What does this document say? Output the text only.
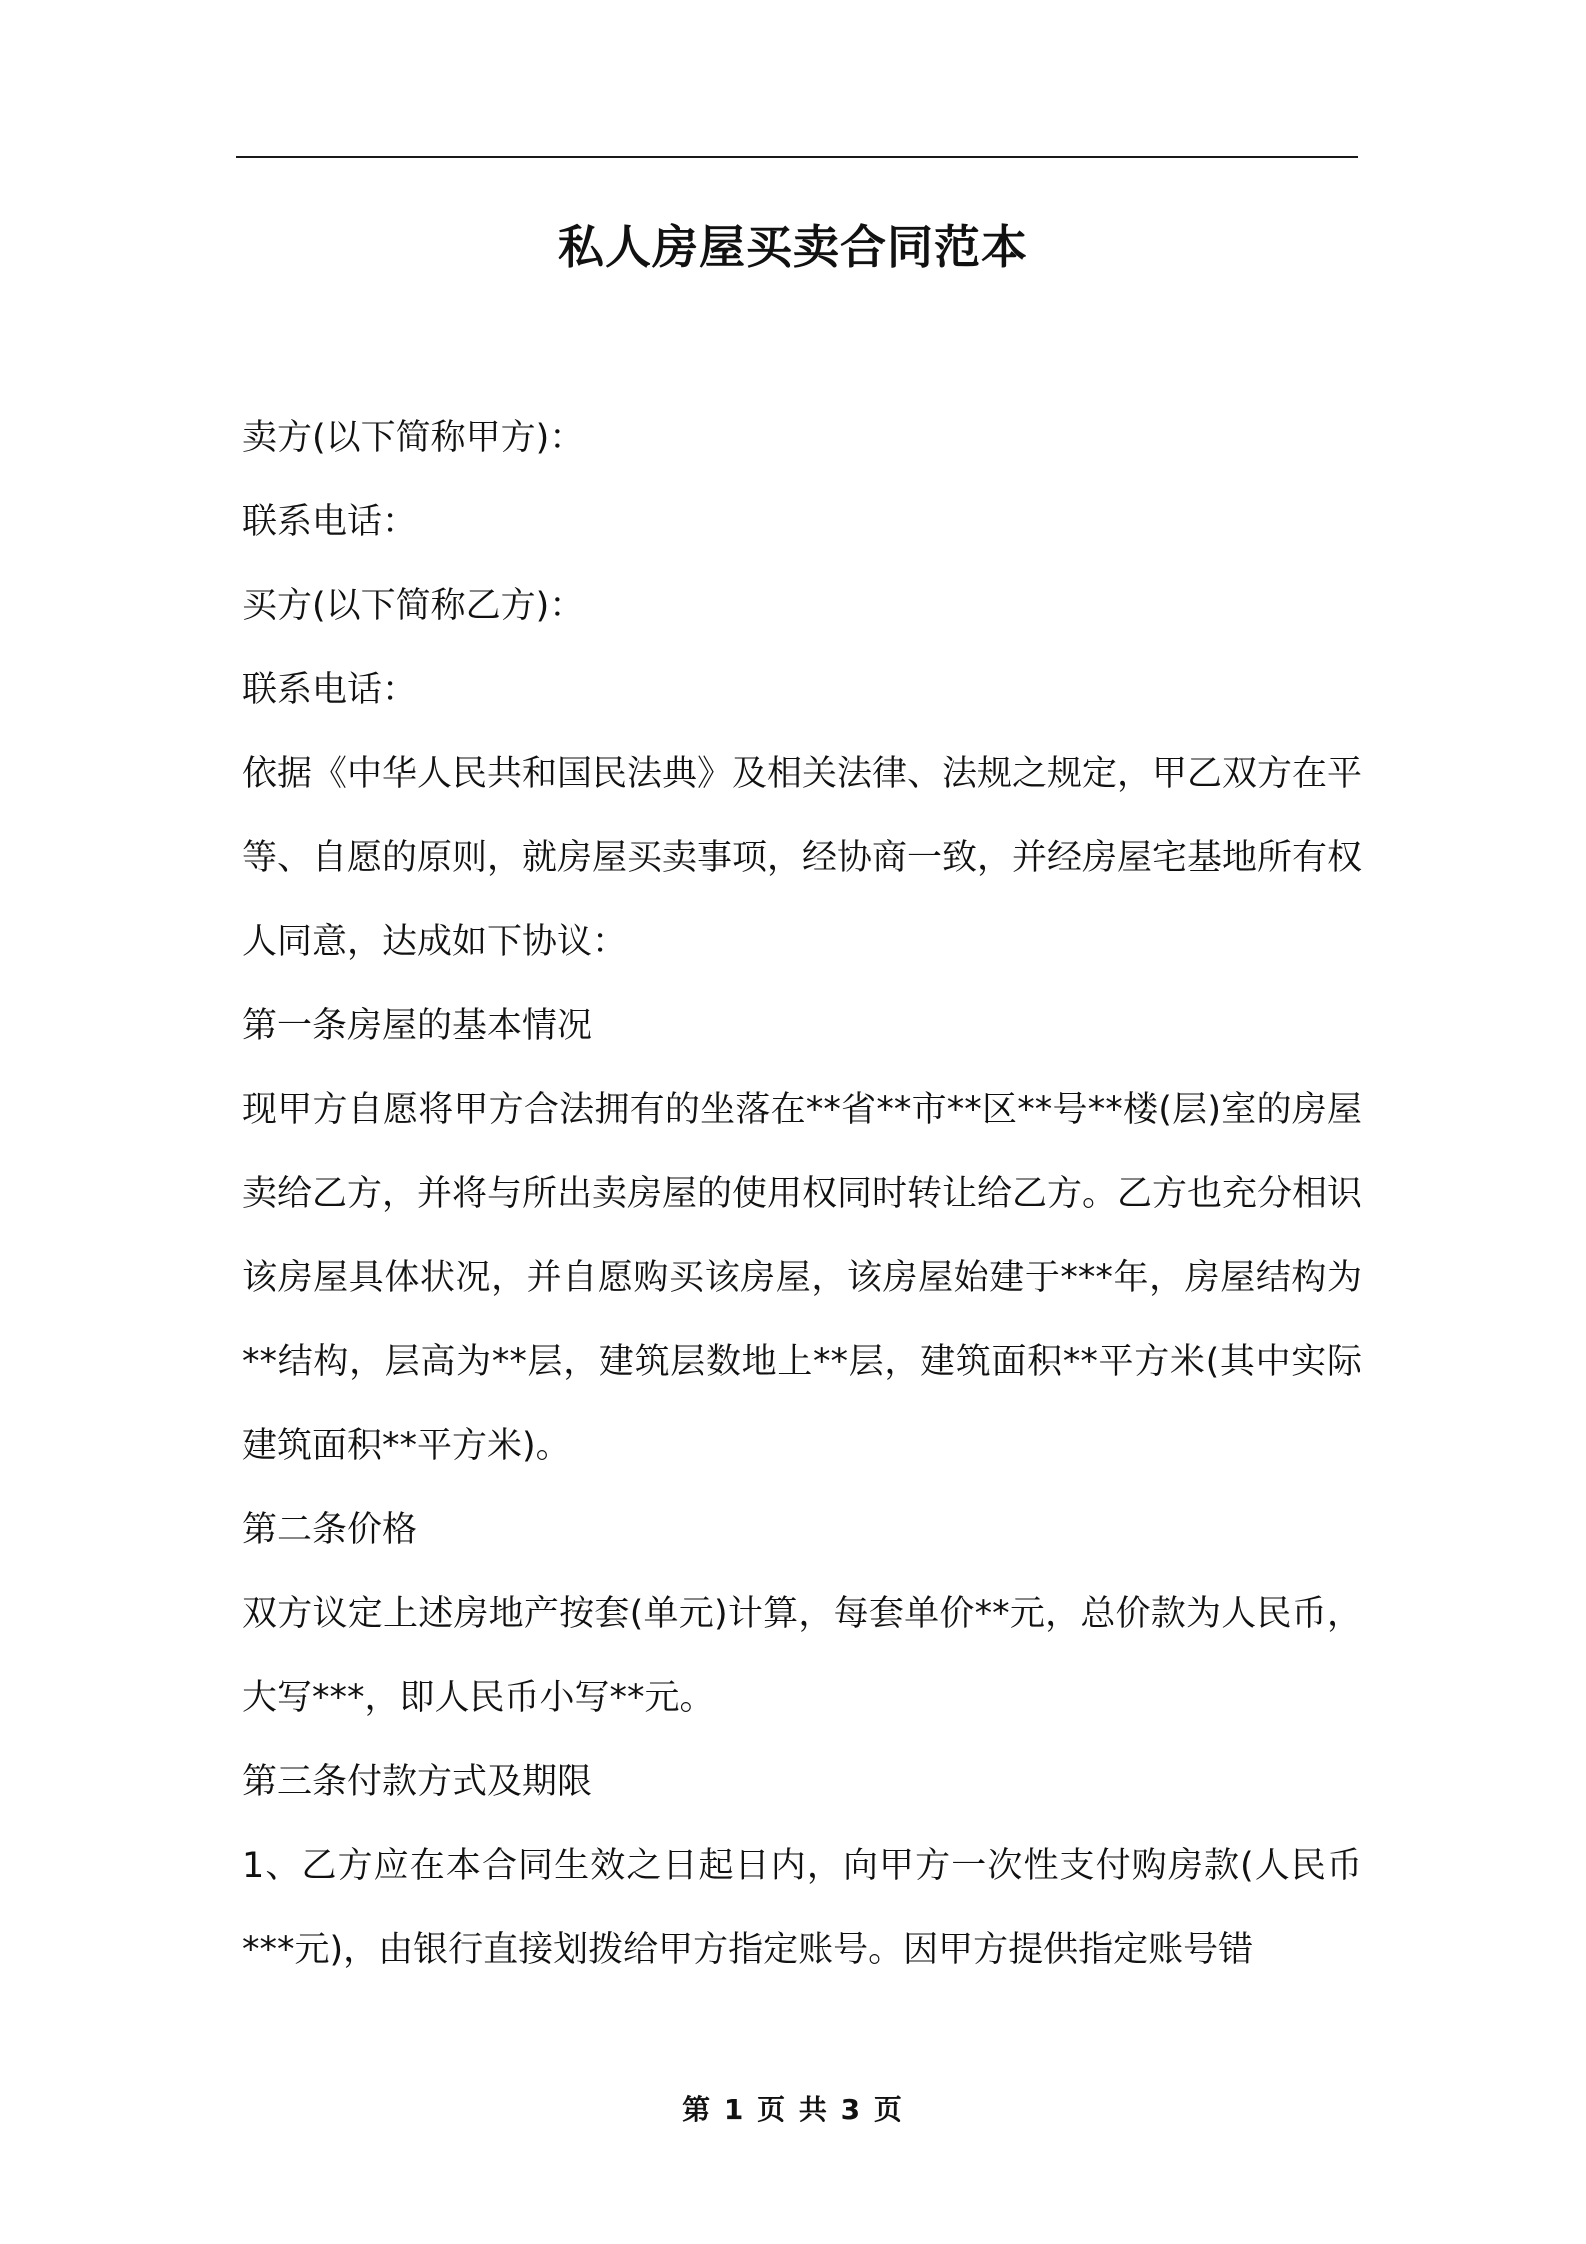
私人房屋买卖合同范本

卖方(以下简称甲方)：

联系电话：

买方(以下简称乙方)：

联系电话：

依据《中华人民共和国民法典》及相关法律、法规之规定，甲乙双方在平等、自愿的原则，就房屋买卖事项，经协商一致，并经房屋宅基地所有权人同意，达成如下协议：

第一条房屋的基本情况

现甲方自愿将甲方合法拥有的坐落在**省**市**区**号**楼(层)室的房屋卖给乙方，并将与所出卖房屋的使用权同时转让给乙方。乙方也充分相识该房屋具体状况，并自愿购买该房屋，该房屋始建于***年，房屋结构为**结构，层高为**层，建筑层数地上**层，建筑面积**平方米(其中实际建筑面积**平方米)。

第二条价格

双方议定上述房地产按套(单元)计算，每套单价**元，总价款为人民币，大写***，即人民币小写**元。

第三条付款方式及期限

1、乙方应在本合同生效之日起日内，向甲方一次性支付购房款(人民币***元)，由银行直接划拨给甲方指定账号。因甲方提供指定账号错

第 1 页 共 3 页
